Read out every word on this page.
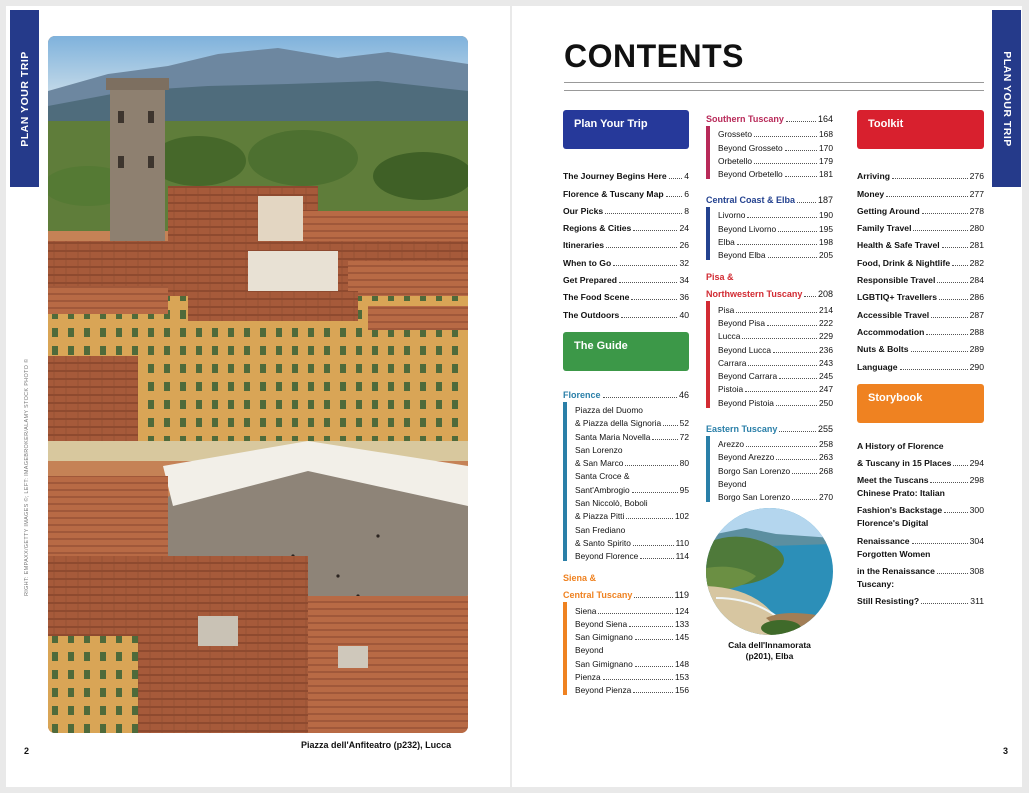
PLAN YOUR TRIP
RIGHT: EMPAXX/GETTY IMAGES ©; LEFT: IMAGEBROKER/ALAMY STOCK PHOTO ©
Piazza dell'Anfiteatro (p232), Lucca
2
PLAN YOUR TRIP
CONTENTS
Plan Your Trip
The Journey Begins Here 4
Florence & Tuscany Map 6
Our Picks	8
Regions & Cities	24
Itineraries	26
When to Go	32
Get Prepared	34
The Food Scene	36
The Outdoors	40
The Guide
Florence	46
Piazza del Duomo
& Piazza della Signoria 52
Santa Maria Novella	72
San Lorenzo
& San Marco	80
Santa Croce &
Sant'Ambrogio	95
San Niccolò, Boboli
& Piazza Pitti	102
San Frediano
& Santo Spirito	110
Beyond Florence	114
Siena &
Central Tuscany	119
Siena	124
Beyond Siena	133
San Gimignano	145
Beyond
San Gimignano	148
Pienza	153
Beyond Pienza	156
Southern Tuscany	164
Grosseto	168
Beyond Grosseto	170
Orbetello	179
Beyond Orbetello	181
Central Coast & Elba	187
Livorno	190
Beyond Livorno	195
Elba	198
Beyond Elba	205
Pisa &
Northwestern Tuscany 208
Pisa	214
Beyond Pisa	222
Lucca	229
Beyond Lucca	236
Carrara	243
Beyond Carrara	245
Pistoia	247
Beyond Pistoia	250
Eastern Tuscany	255
Arezzo	258
Beyond Arezzo	263
Borgo San Lorenzo	268
Beyond
Borgo San Lorenzo	270
Cala dell'Innamorata
(p201), Elba
Toolkit
Arriving	276
Money	277
Getting Around	278
Family Travel	280
Health & Safe Travel	281
Food, Drink & Nightlife 282
Responsible Travel	284
LGBTIQ+ Travellers	286
Accessible Travel	287
Accommodation	288
Nuts & Bolts	289
Language	290
Storybook
A History of Florence
& Tuscany in 15 Places 294
Meet the Tuscans	298
Chinese Prato: Italian
Fashion's Backstage	300
Florence's Digital
Renaissance	304
Forgotten Women
in the Renaissance	308
Tuscany:
Still Resisting?	311
3
